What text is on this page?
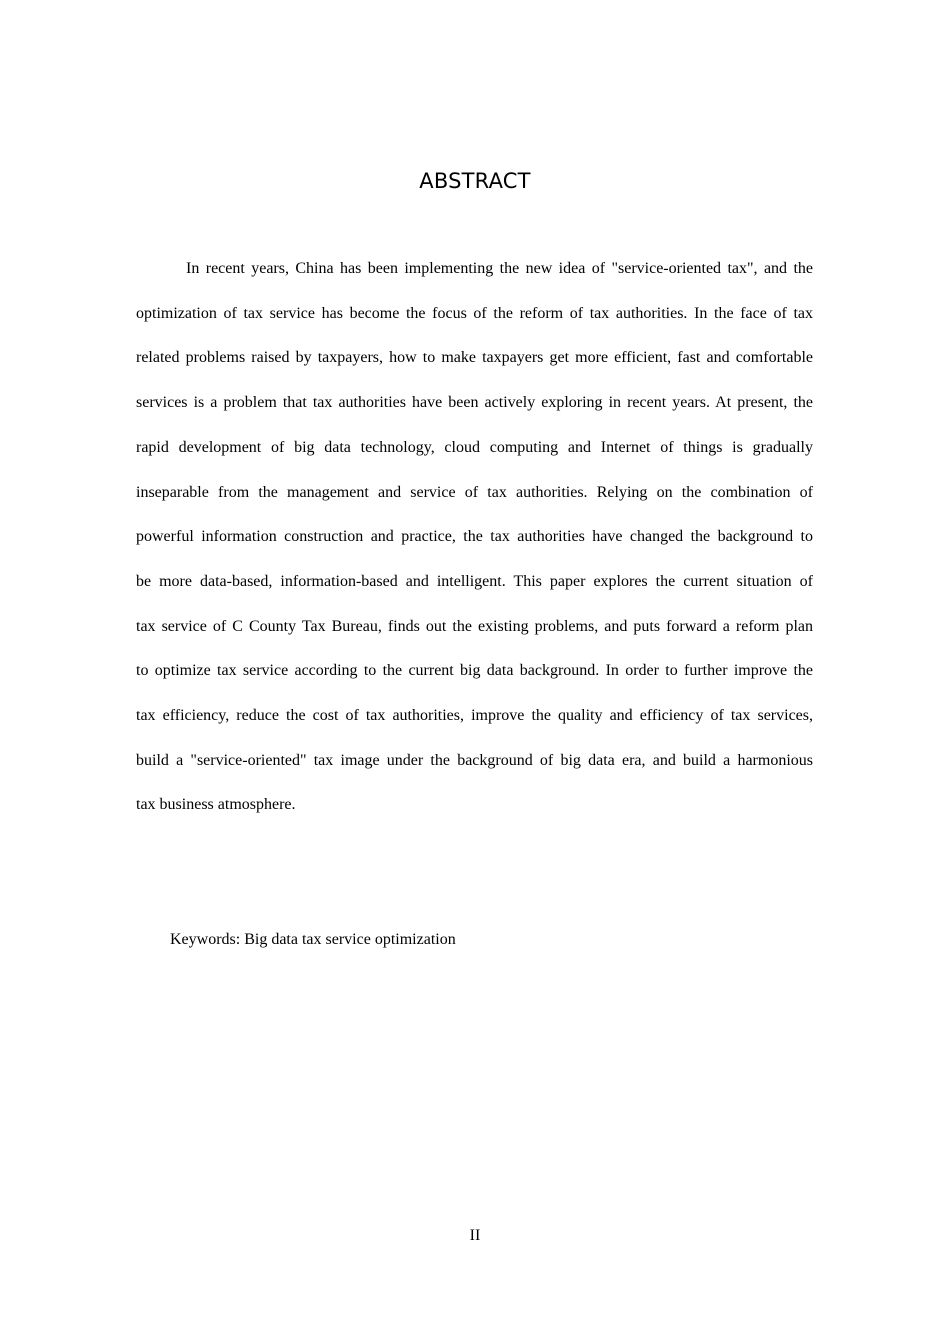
ABSTRACT
In recent years, China has been implementing the new idea of "service-oriented tax", and the
optimization of tax service has become the focus of the reform of tax authorities. In the face of tax
related problems raised by taxpayers, how to make taxpayers get more efficient, fast and comfortable
services is a problem that tax authorities have been actively exploring in recent years. At present, the
rapid development of big data technology, cloud computing and Internet of things is gradually
inseparable from the management and service of tax authorities. Relying on the combination of
powerful information construction and practice, the tax authorities have changed the background to
be more data-based, information-based and intelligent. This paper explores the current situation of
tax service of C County Tax Bureau, finds out the existing problems, and puts forward a reform plan
to optimize tax service according to the current big data background. In order to further improve the
tax efficiency, reduce the cost of tax authorities, improve the quality and efficiency of tax services,
build a "service-oriented" tax image under the background of big data era, and build a harmonious
tax business atmosphere.
Keywords: Big data tax service optimization
II
